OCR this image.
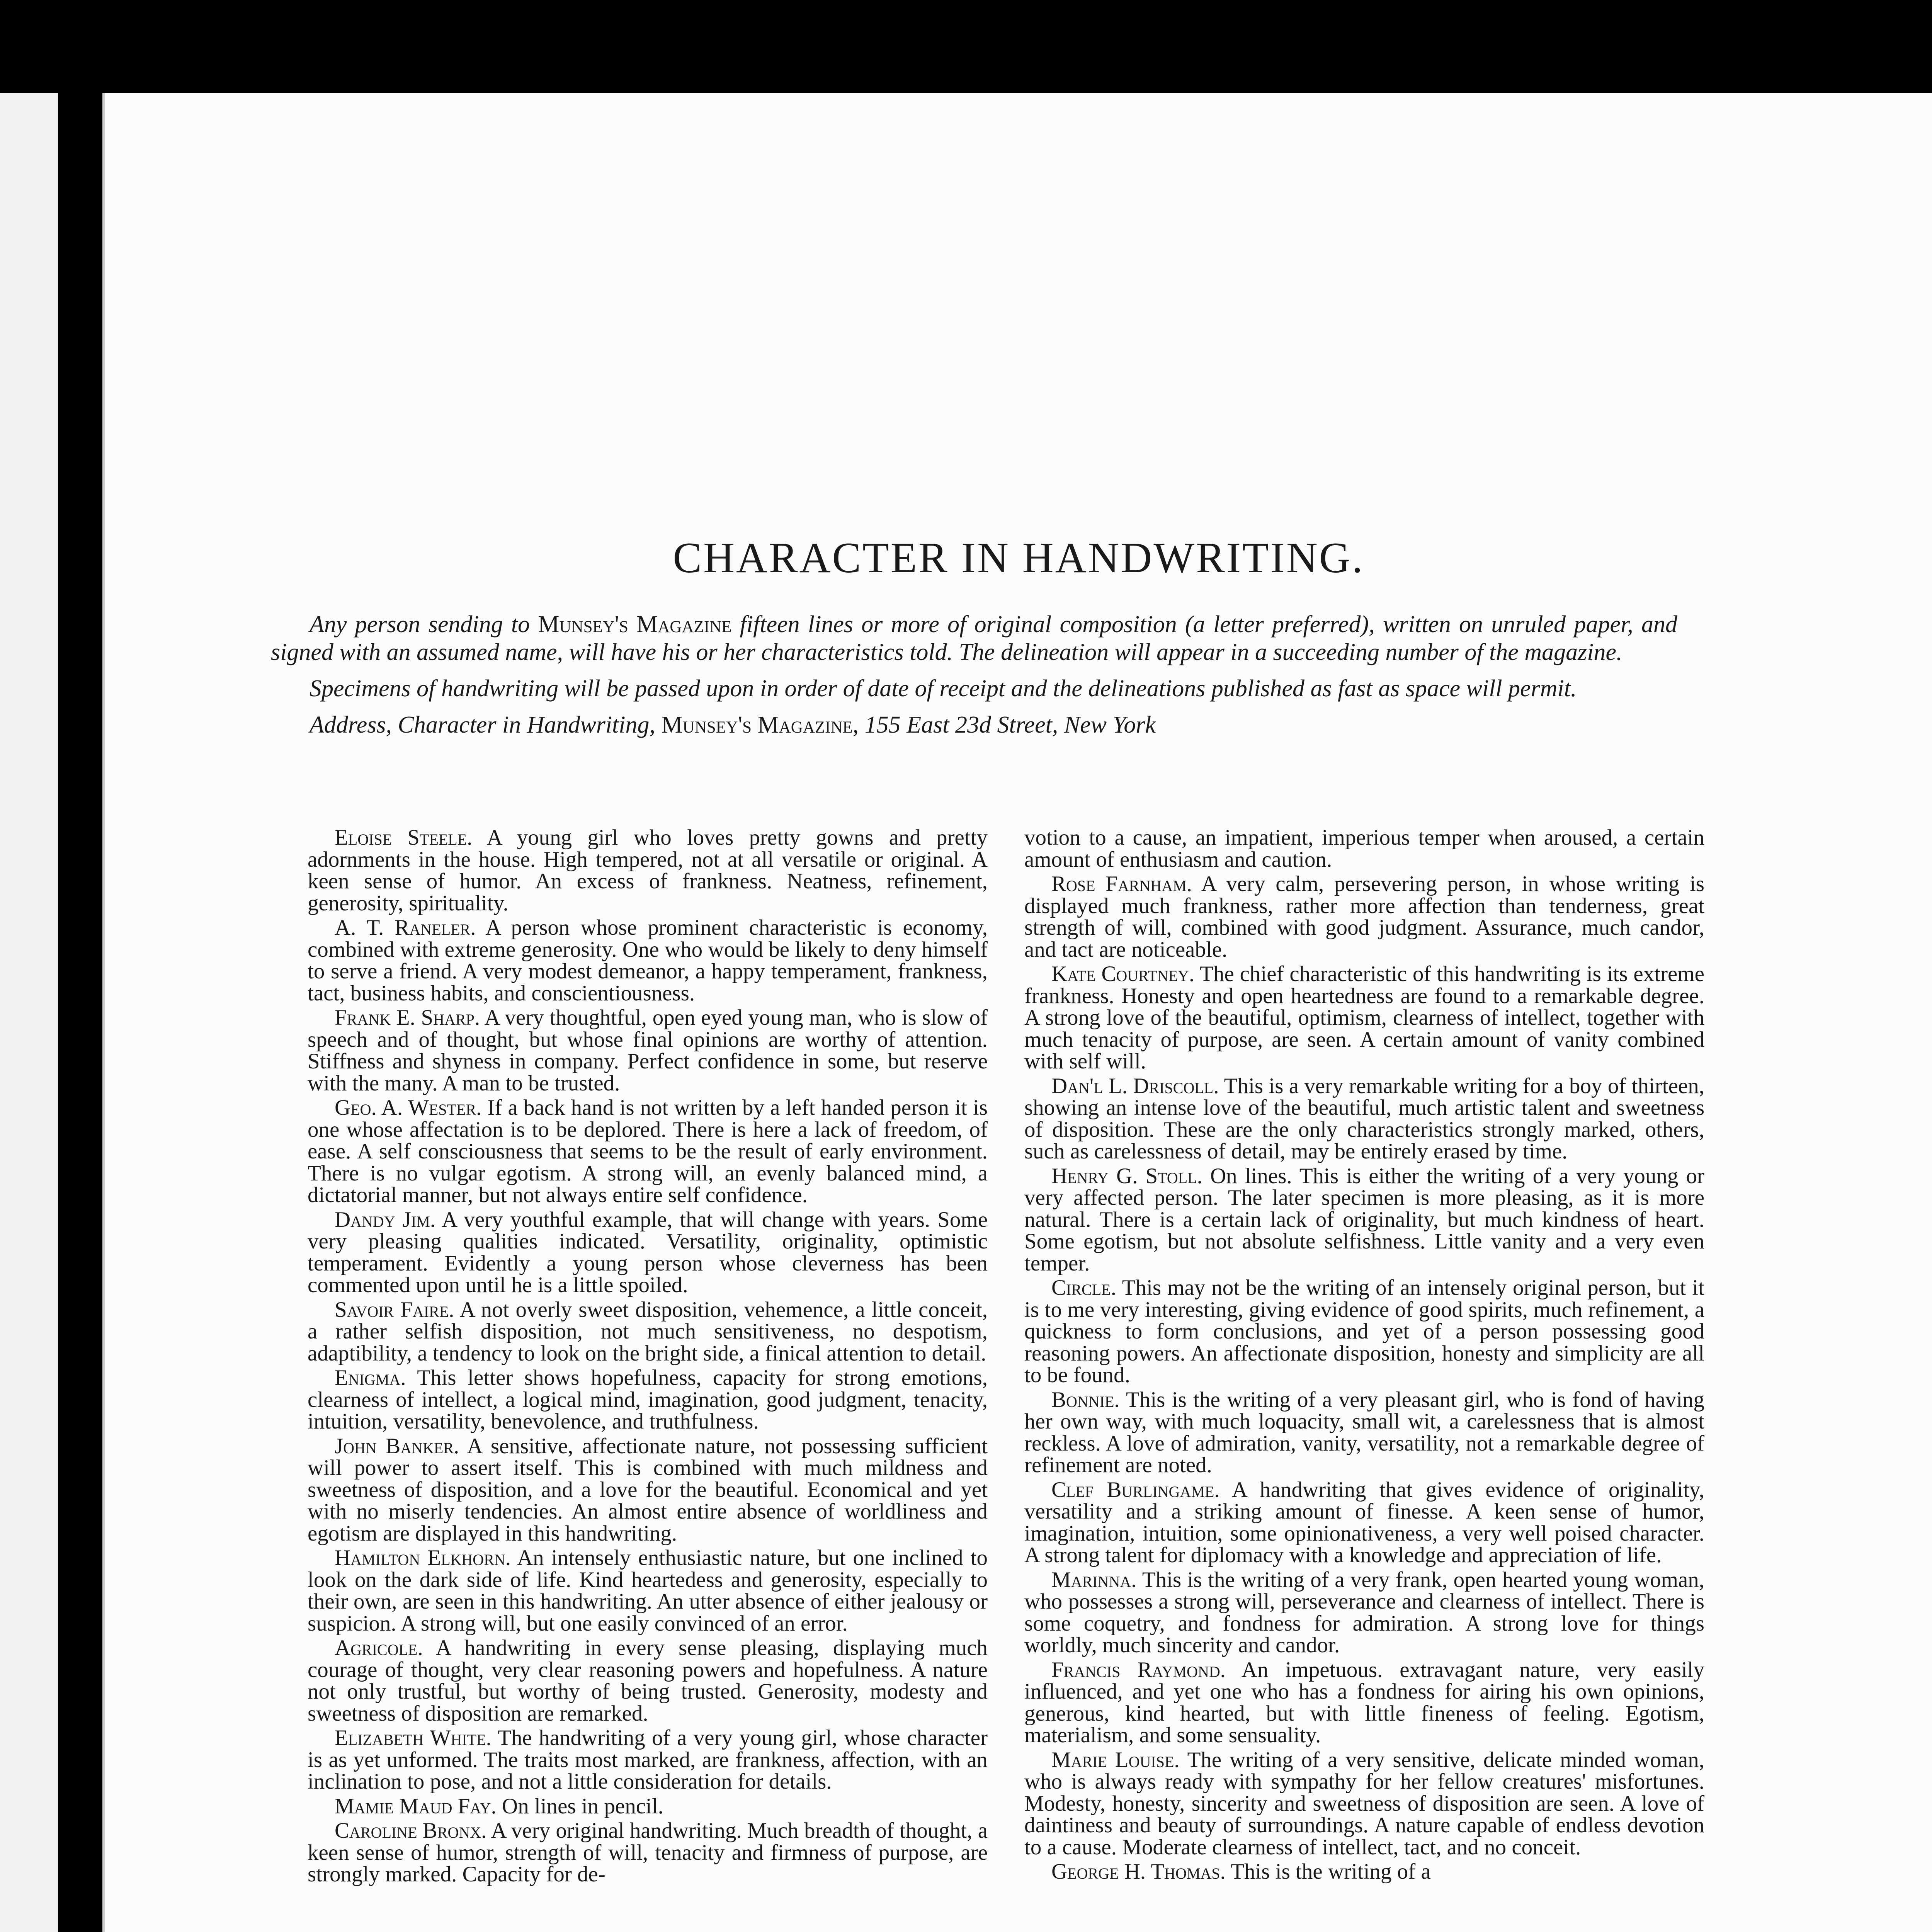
CHARACTER IN HANDWRITING.

Any person sending to Munsey's Magazine fifteen lines or more of original composition (a letter preferred), written on unruled paper, and signed with an assumed name, will have his or her characteristics told. The delineation will appear in a succeeding number of the magazine.

Specimens of handwriting will be passed upon in order of date of receipt and the delineations published as fast as space will permit.

Address, Character in Handwriting, Munsey's Magazine, 155 East 23d Street, New York

Eloise Steele. A young girl who loves pretty gowns and pretty adornments in the house. High tempered, not at all versatile or original. A keen sense of humor. An excess of frankness. Neatness, refinement, generosity, spirituality.

A. T. Raneler. A person whose prominent characteristic is economy, combined with extreme generosity. One who would be likely to deny himself to serve a friend. A very modest demeanor, a happy temperament, frankness, tact, business habits, and conscientiousness.

Frank E. Sharp. A very thoughtful, open eyed young man, who is slow of speech and of thought, but whose final opinions are worthy of attention. Stiffness and shyness in company. Perfect confidence in some, but reserve with the many. A man to be trusted.

Geo. A. Wester. If a back hand is not written by a left handed person it is one whose affectation is to be deplored. There is here a lack of freedom, of ease. A self consciousness that seems to be the result of early environment. There is no vulgar egotism. A strong will, an evenly balanced mind, a dictatorial manner, but not always entire self confidence.

Dandy Jim. A very youthful example, that will change with years. Some very pleasing qualities indicated. Versatility, originality, optimistic temperament. Evidently a young person whose cleverness has been commented upon until he is a little spoiled.

Savoir Faire. A not overly sweet disposition, vehemence, a little conceit, a rather selfish disposition, not much sensitiveness, no despotism, adaptibility, a tendency to look on the bright side, a finical attention to detail.

Enigma. This letter shows hopefulness, capacity for strong emotions, clearness of intellect, a logical mind, imagination, good judgment, tenacity, intuition, versatility, benevolence, and truthfulness.

John Banker. A sensitive, affectionate nature, not possessing sufficient will power to assert itself. This is combined with much mildness and sweetness of disposition, and a love for the beautiful. Economical and yet with no miserly tendencies. An almost entire absence of worldliness and egotism are displayed in this handwriting.

Hamilton Elkhorn. An intensely enthusiastic nature, but one inclined to look on the dark side of life. Kind heartedess and generosity, especially to their own, are seen in this handwriting. An utter absence of either jealousy or suspicion. A strong will, but one easily convinced of an error.

Agricole. A handwriting in every sense pleasing, displaying much courage of thought, very clear reasoning powers and hopefulness. A nature not only trustful, but worthy of being trusted. Generosity, modesty and sweetness of disposition are remarked.

Elizabeth White. The handwriting of a very young girl, whose character is as yet unformed. The traits most marked, are frankness, affection, with an inclination to pose, and not a little consideration for details.

Mamie Maud Fay. On lines in pencil.

Caroline Bronx. A very original handwriting. Much breadth of thought, a keen sense of humor, strength of will, tenacity and firmness of purpose, are strongly marked. Capacity for de-

votion to a cause, an impatient, imperious temper when aroused, a certain amount of enthusiasm and caution.

Rose Farnham. A very calm, persevering person, in whose writing is displayed much frankness, rather more affection than tenderness, great strength of will, combined with good judgment. Assurance, much candor, and tact are noticeable.

Kate Courtney. The chief characteristic of this handwriting is its extreme frankness. Honesty and open heartedness are found to a remarkable degree. A strong love of the beautiful, optimism, clearness of intellect, together with much tenacity of purpose, are seen. A certain amount of vanity combined with self will.

Dan'l L. Driscoll. This is a very remarkable writing for a boy of thirteen, showing an intense love of the beautiful, much artistic talent and sweetness of disposition. These are the only characteristics strongly marked, others, such as carelessness of detail, may be entirely erased by time.

Henry G. Stoll. On lines. This is either the writing of a very young or very affected person. The later specimen is more pleasing, as it is more natural. There is a certain lack of originality, but much kindness of heart. Some egotism, but not absolute selfishness. Little vanity and a very even temper.

Circle. This may not be the writing of an intensely original person, but it is to me very interesting, giving evidence of good spirits, much refinement, a quickness to form conclusions, and yet of a person possessing good reasoning powers. An affectionate disposition, honesty and simplicity are all to be found.

Bonnie. This is the writing of a very pleasant girl, who is fond of having her own way, with much loquacity, small wit, a carelessness that is almost reckless. A love of admiration, vanity, versatility, not a remarkable degree of refinement are noted.

Clef Burlingame. A handwriting that gives evidence of originality, versatility and a striking amount of finesse. A keen sense of humor, imagination, intuition, some opinionativeness, a very well poised character. A strong talent for diplomacy with a knowledge and appreciation of life.

Marinna. This is the writing of a very frank, open hearted young woman, who possesses a strong will, perseverance and clearness of intellect. There is some coquetry, and fondness for admiration. A strong love for things worldly, much sincerity and candor.

Francis Raymond. An impetuous. extravagant nature, very easily influenced, and yet one who has a fondness for airing his own opinions, generous, kind hearted, but with little fineness of feeling. Egotism, materialism, and some sensuality.

Marie Louise. The writing of a very sensitive, delicate minded woman, who is always ready with sympathy for her fellow creatures' misfortunes. Modesty, honesty, sincerity and sweetness of disposition are seen. A love of daintiness and beauty of surroundings. A nature capable of endless devotion to a cause. Moderate clearness of intellect, tact, and no conceit.

George H. Thomas. This is the writing of a
